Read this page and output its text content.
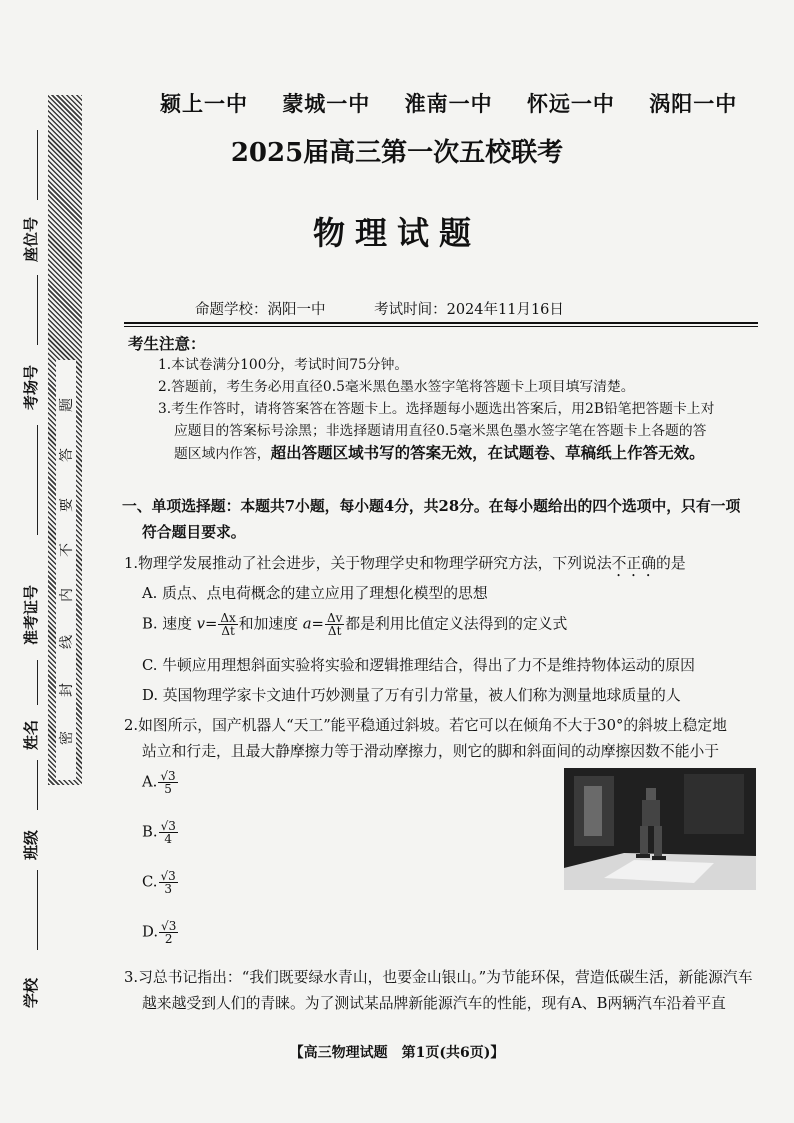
题
答
要
不
内
线
封
密
座位号
考场号
准考证号
姓名
班级
学校
颍上一中 蒙城一中 淮南一中 怀远一中 涡阳一中
2025届高三第一次五校联考
物理试题
命题学校：涡阳一中	考试时间：2024年11月16日
考生注意：
1.本试卷满分100分，考试时间75分钟。
2.答题前，考生务必用直径0.5毫米黑色墨水签字笔将答题卡上项目填写清楚。
3.考生作答时，请将答案答在答题卡上。选择题每小题选出答案后，用2B铅笔把答题卡上对
应题目的答案标号涂黑；非选择题请用直径0.5毫米黑色墨水签字笔在答题卡上各题的答
题区域内作答，超出答题区域书写的答案无效，在试题卷、草稿纸上作答无效。
一、单项选择题：本题共7小题，每小题4分，共28分。在每小题给出的四个选项中，只有一项
符合题目要求。
1.物理学发展推动了社会进步，关于物理学史和物理学研究方法，下列说法不正确的是
A. 质点、点电荷概念的建立应用了理想化模型的思想
B. 速度 $v= \frac{\Delta x}{\Delta t}$ 和加速度 $a= \frac{\Delta v}{\Delta t}$ 都是利用比值定义法得到的定义式
C. 牛顿应用理想斜面实验将实验和逻辑推理结合，得出了力不是维持物体运动的原因
D. 英国物理学家卡文迪什巧妙测量了万有引力常量，被人们称为测量地球质量的人
2.如图所示，国产机器人“天工”能平稳通过斜坡。若它可以在倾角不大于30°的斜坡上稳定地
站立和行走，且最大静摩擦力等于滑动摩擦力，则它的脚和斜面间的动摩擦因数不能小于
A. $\frac{√3}{5}$
B. $\frac{√3}{4}$
C. $\frac{√3}{3}$
D. $\frac{√3}{2}$
3.习总书记指出：“我们既要绿水青山，也要金山银山。”为节能环保，营造低碳生活，新能源汽车
越来越受到人们的青睐。为了测试某品牌新能源汽车的性能，现有A、B两辆汽车沿着平直
【高三物理试题　第1页(共6页)】
